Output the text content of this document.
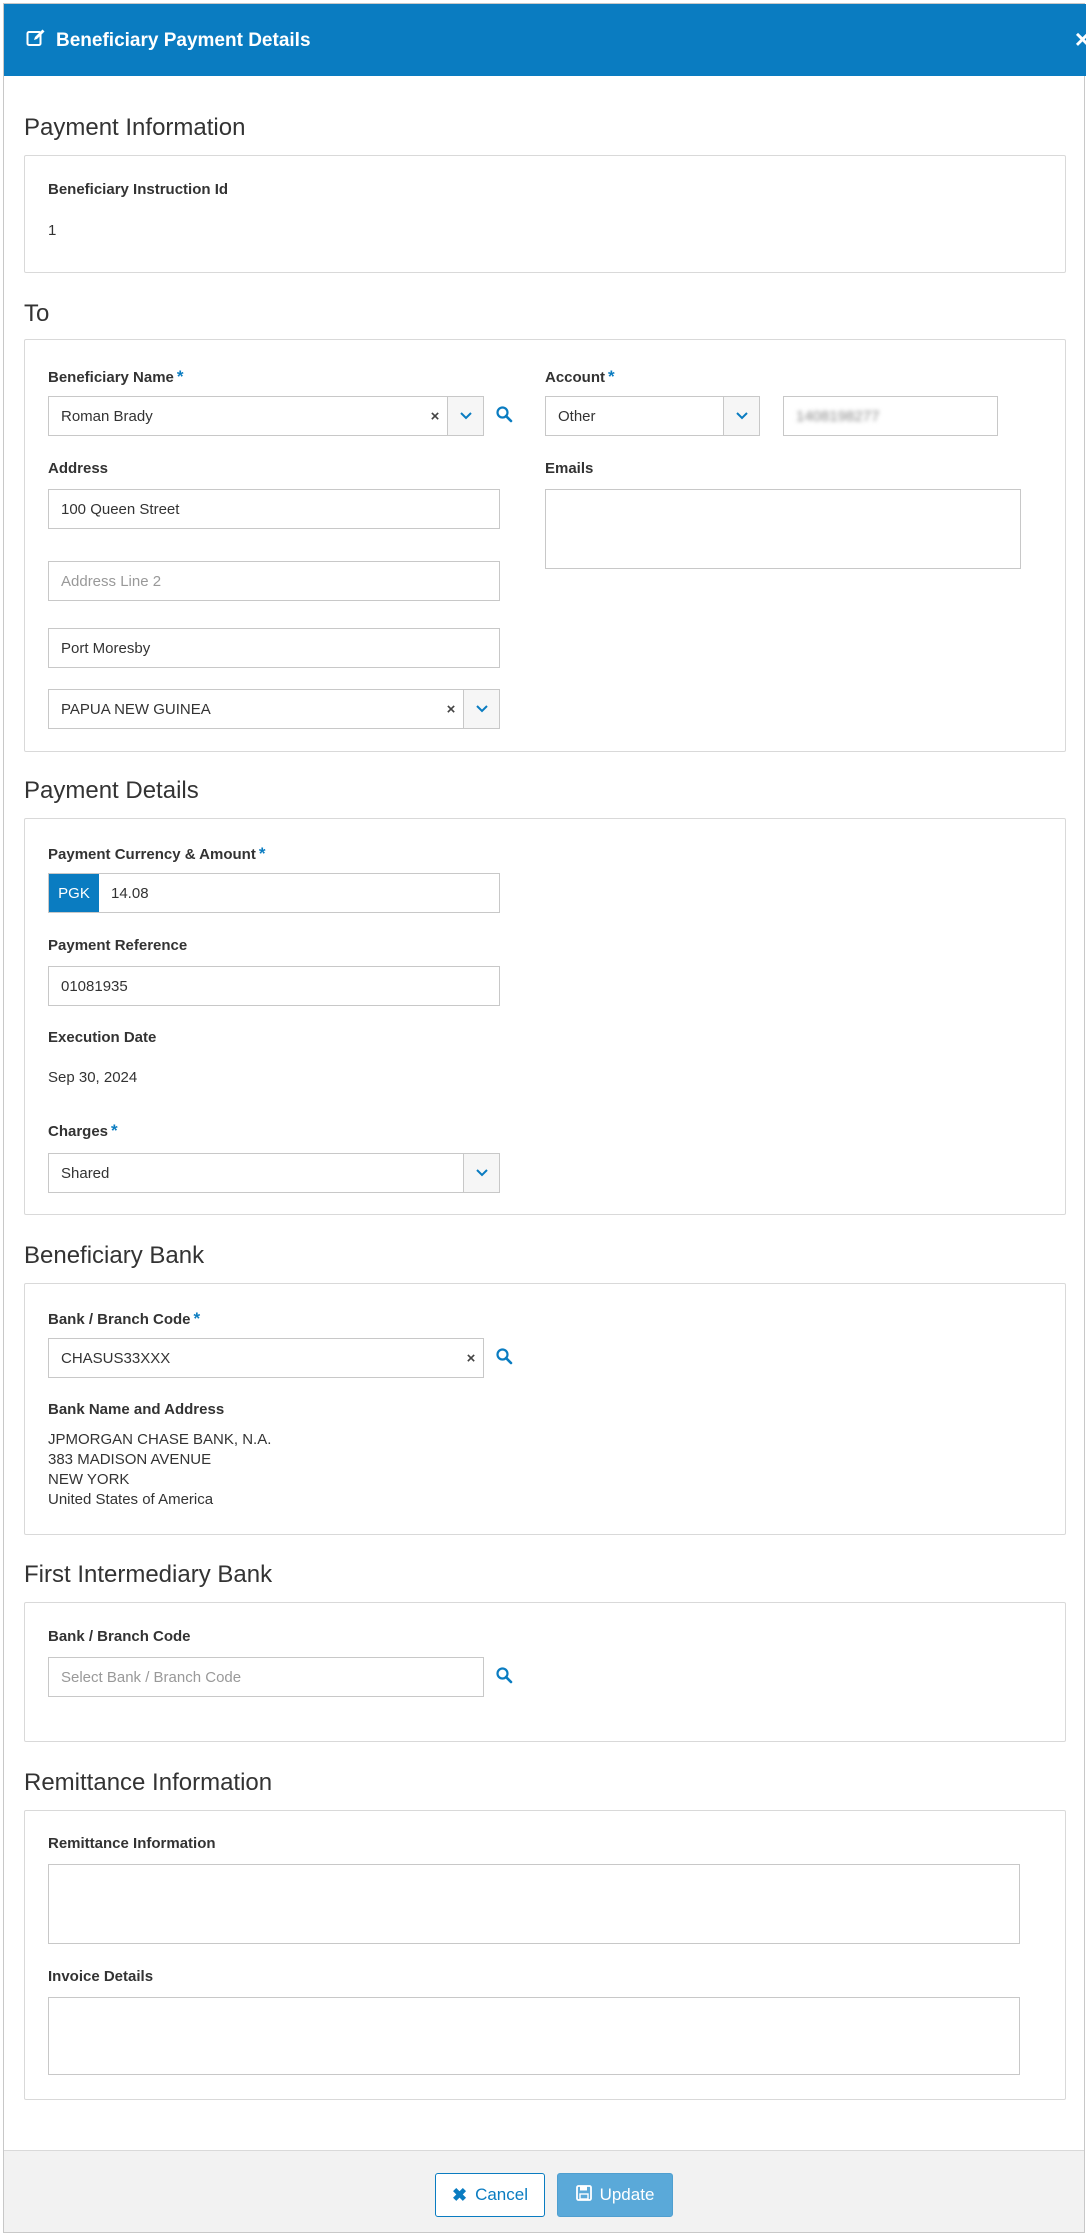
Beneficiary Payment Details	×
Payment Information
Beneficiary Instruction Id
1
To
Beneficiary Name *
Roman Brady	×
Account *
Other	1408198277
Address
100 Queen Street
Address Line 2
Port Moresby
PAPUA NEW GUINEA	×
Emails
Payment Details
Payment Currency & Amount *
PGK	14.08
Payment Reference
01081935
Execution Date
Sep 30, 2024
Charges *
Shared
Beneficiary Bank
Bank / Branch Code *
CHASUS33XXX	×
Bank Name and Address
JPMORGAN CHASE BANK, N.A.
383 MADISON AVENUE
NEW YORK
United States of America
First Intermediary Bank
Bank / Branch Code
Select Bank / Branch Code
Remittance Information
Remittance Information
Invoice Details
✖ Cancel	Update
